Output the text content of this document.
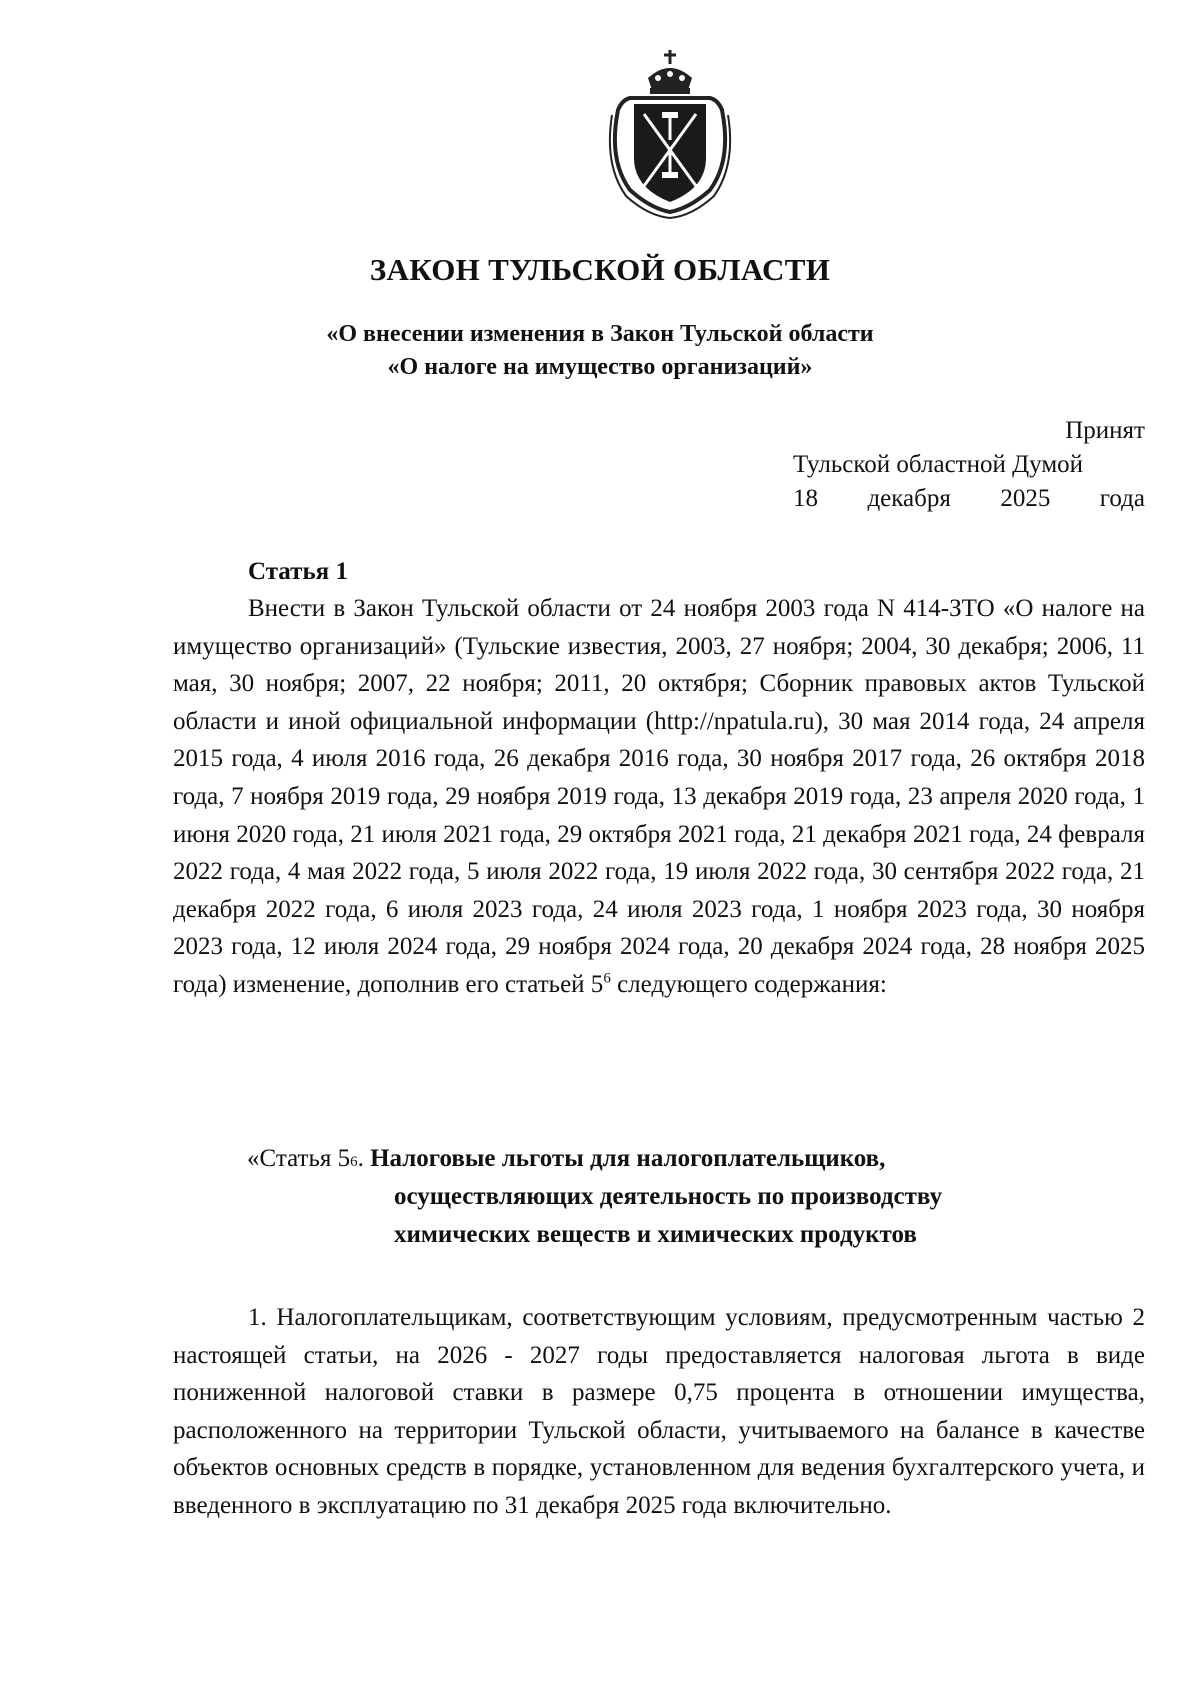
ЗАКОН ТУЛЬСКОЙ ОБЛАСТИ
«О внесении изменения в Закон Тульской области
«О налоге на имущество организаций»
Принят
Тульской областной Думой
18 декабря 2025 года
Статья 1
Внести в Закон Тульской области от 24 ноября 2003 года N 414-ЗТО «О налоге на имущество организаций» (Тульские известия, 2003, 27 ноября; 2004, 30 декабря; 2006, 11 мая, 30 ноября; 2007, 22 ноября; 2011, 20 октября; Сборник правовых актов Тульской области и иной официальной информации (http://npatula.ru), 30 мая 2014 года, 24 апреля 2015 года, 4 июля 2016 года, 26 декабря 2016 года, 30 ноября 2017 года, 26 октября 2018 года, 7 ноября 2019 года, 29 ноября 2019 года, 13 декабря 2019 года, 23 апреля 2020 года, 1 июня 2020 года, 21 июля 2021 года, 29 октября 2021 года, 21 декабря 2021 года, 24 февраля 2022 года, 4 мая 2022 года, 5 июля 2022 года, 19 июля 2022 года, 30 сентября 2022 года, 21 декабря 2022 года, 6 июля 2023 года, 24 июля 2023 года, 1 ноября 2023 года, 30 ноября 2023 года, 12 июля 2024 года, 29 ноября 2024 года, 20 декабря 2024 года, 28 ноября 2025 года) изменение, дополнив его статьей $5^6$ следующего содержания:
«Статья 5 6 . Налоговые льготы для налогоплательщиков,
осуществляющих деятельность по производству
химических веществ и химических продуктов
1. Налогоплательщикам, соответствующим условиям, предусмотренным частью 2 настоящей статьи, на 2026 - 2027 годы предоставляется налоговая льгота в виде пониженной налоговой ставки в размере 0,75 процента в отношении имущества, расположенного на территории Тульской области, учитываемого на балансе в качестве объектов основных средств в порядке, установленном для ведения бухгалтерского учета, и введенного в эксплуатацию по 31 декабря 2025 года включительно.
